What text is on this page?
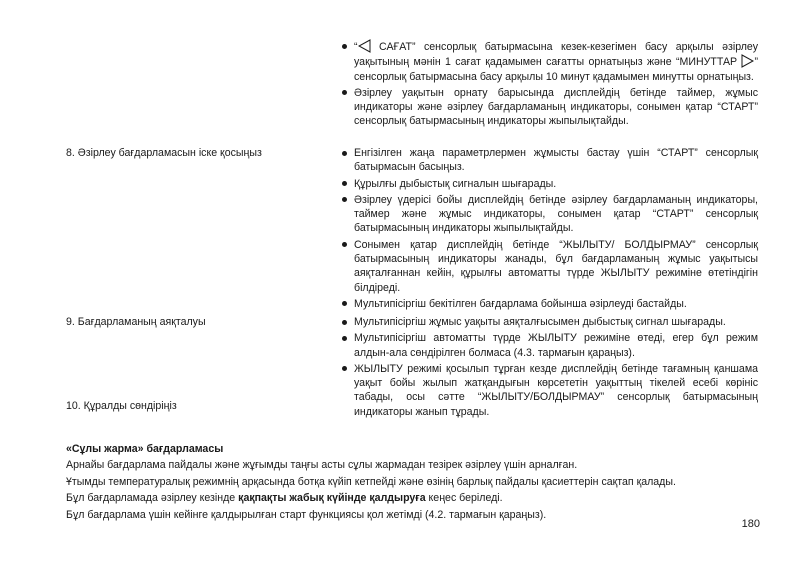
“ САҒАТ” сенсорлық батырмасына кезек-кезегімен басу арқылы әзірлеу уақытының мәнін 1 сағат қадамымен сағатты орнатыңыз және “МИНУТТАР ” сенсорлық батырмасына басу арқылы 10 минут қадамымен минутты орнатыңыз.
Әзірлеу уақытын орнату барысында дисплейдің бетінде таймер, жұмыс индикаторы және әзірлеу бағдарламаның индикаторы, сонымен қатар “СТАРТ” сенсорлық батырмасының индикаторы жыпылықтайды.
8. Әзірлеу бағдарламасын іске қосыңыз	Енгізілген жаңа параметрлермен жұмысты бастау үшін “СТАРТ” сенсорлық батырмасын басыңыз.
Құрылғы дыбыстық сигналын шығарады.
Әзірлеу үдерісі бойы дисплейдің бетінде әзірлеу бағдарламаның индикаторы, таймер және жұмыс индикаторы, сонымен қатар “СТАРТ” сенсорлық батырмасының индикаторы жыпылықтайды.
Сонымен қатар дисплейдің бетінде “ЖЫЛЫТУ/ БОЛДЫРМАУ” сенсорлық батырмасының индикаторы жанады, бұл бағдарламаның жұмыс уақытысы аяқталғаннан кейін, құрылғы автоматты түрде ЖЫЛЫТУ режиміне өтетіндігін білдіреді.
Мультипісіргіш бекітілген бағдарлама бойынша әзірлеуді бастайды.
9. Бағдарламаның аяқталуы	Мультипісіргіш жұмыс уақыты аяқталғысымен дыбыстық сигнал шығарады.
Мультипісіргіш автоматты түрде ЖЫЛЫТУ режиміне өтеді, егер бұл режим алдын-ала сөндірілген болмаса (4.3. тармағын қараңыз).
ЖЫЛЫТУ режимі қосылып тұрған кезде дисплейдің бетінде тағамның қаншама уақыт бойы жылып жатқандығын көрсететін уақыттың тікелей есебі көрініс табады, осы сәтте “ЖЫЛЫТУ/БОЛДЫРМАУ” сенсорлық батырмасының индикаторы жанып тұрады.
10. Құралды сөндіріңіз

«Сұлы жарма» бағдарламасы

Арнайы бағдарлама пайдалы және жұғымды таңғы асты сұлы жармадан тезірек әзірлеу үшін арналған.

Ұтымды температуралық режимнің арқасында ботқа күйіп кетпейді және өзінің барлық пайдалы қасиеттерін сақтап қалады.

Бұл бағдарламада әзірлеу кезінде қақпақты жабық күйінде қалдыруға кеңес беріледі.

Бұл бағдарлама үшін кейінге қалдырылған старт функциясы қол жетімді (4.2. тармағын қараңыз).

180
